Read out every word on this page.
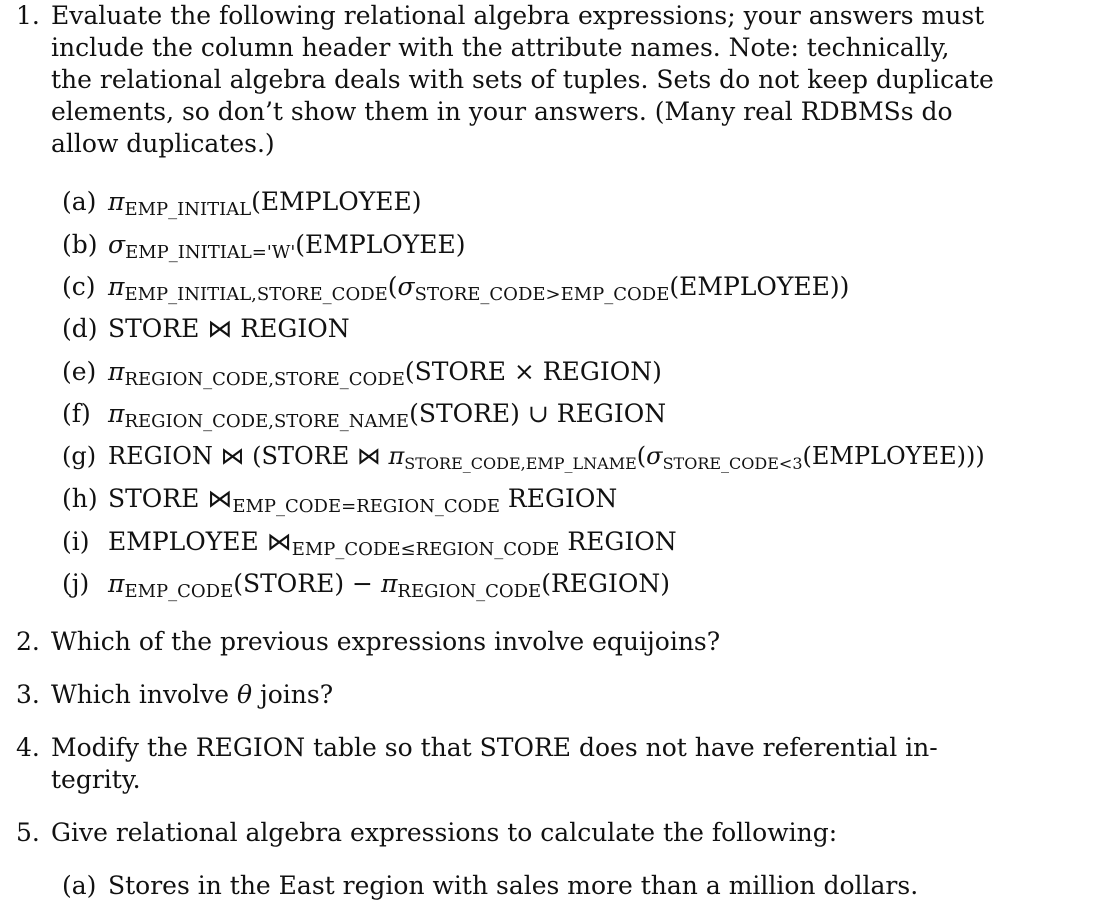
1. Evaluate the following relational algebra expressions; your answers must
include the column header with the attribute names. Note: technically,
the relational algebra deals with sets of tuples. Sets do not keep duplicate
elements, so don’t show them in your answers. (Many real RDBMSs do
allow duplicates.)
(a) $\pi_{EMP\_INITIAL}(EMPLOYEE)$
(b) $\sigma_{EMP\_INITIAL='W'}(EMPLOYEE)$
(c) $\pi_{EMP\_INITIAL,STORE\_CODE}(\sigma_{STORE\_CODE>EMP\_CODE}(EMPLOYEE))$
(d) STORE ⋈ REGION
(e) $\pi_{REGION\_CODE,STORE\_CODE}(STORE$ × REGION)
(f) $\pi_{REGION\_CODE,STORE\_NAME}(STORE)$ ∪ REGION
(g) REGION ⋈ (STORE ⋈ $\pi_{STORE\_CODE,EMP\_LNAME}(\sigma_{STORE\_CODE<3}(EMPLOYEE))$)
(h) STORE $⋈_{EMP\_CODE=REGION\_CODE}$ REGION
(i) EMPLOYEE $⋈_{EMP\_CODE\le REGION\_CODE}$ REGION
(j) $\pi_{EMP\_CODE}(STORE)$ − $\pi_{REGION\_CODE}(REGION)$
2. Which of the previous expressions involve equijoins?
3. Which involve θ joins?
4. Modify the REGION table so that STORE does not have referential in-
tegrity.
5. Give relational algebra expressions to calculate the following:
(a) Stores in the East region with sales more than a million dollars.
